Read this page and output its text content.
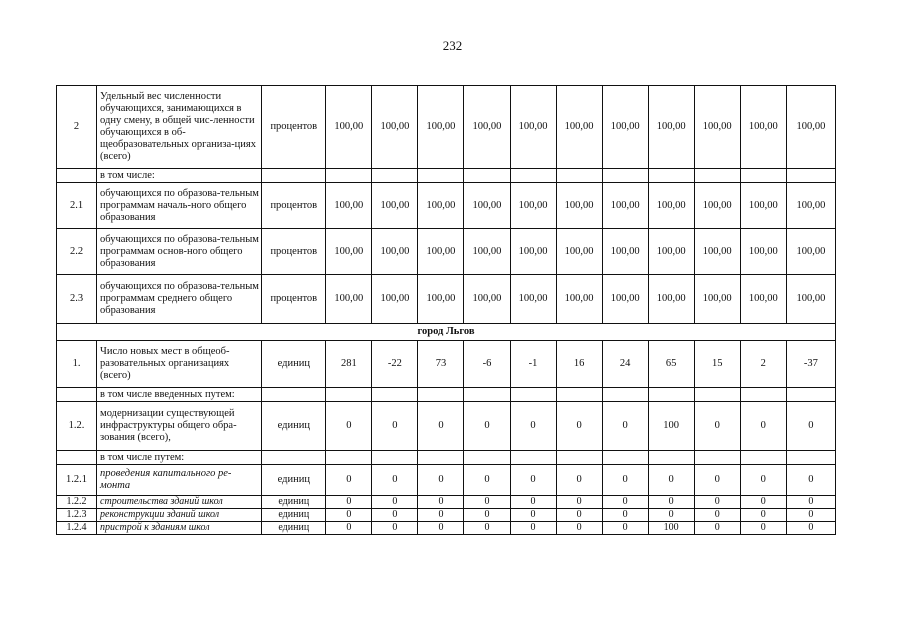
232
2	Удельный вес численности обучающихся, занимающихся в одну смену, в общей чис-ленности обучающихся в об-щеобразовательных организа-циях (всего)	процентов	100,00	100,00	100,00	100,00	100,00	100,00	100,00	100,00	100,00	100,00	100,00
	в том числе:												
2.1	обучающихся по образова-тельным программам началь-ного общего образования	процентов	100,00	100,00	100,00	100,00	100,00	100,00	100,00	100,00	100,00	100,00	100,00
2.2	обучающихся по образова-тельным программам основ-ного общего образования	процентов	100,00	100,00	100,00	100,00	100,00	100,00	100,00	100,00	100,00	100,00	100,00
2.3	обучающихся по образова-тельным программам среднего общего образования	процентов	100,00	100,00	100,00	100,00	100,00	100,00	100,00	100,00	100,00	100,00	100,00
город Льгов													
1.	Число новых мест в общеоб-разовательных организациях (всего)	единиц	281	-22	73	-6	-1	16	24	65	15	2	-37
	в том числе введенных путем:												
1.2.	модернизации существующей инфраструктуры общего обра-зования (всего),	единиц	0	0	0	0	0	0	0	100	0	0	0
	в том числе путем:												
1.2.1	проведения капитального ре-монта	единиц	0	0	0	0	0	0	0	0	0	0	0
1.2.2	строительства зданий школ	единиц	0	0	0	0	0	0	0	0	0	0	0
1.2.3	реконструкции зданий школ	единиц	0	0	0	0	0	0	0	0	0	0	0
1.2.4	пристрой к зданиям школ	единиц	0	0	0	0	0	0	0	100	0	0	0
